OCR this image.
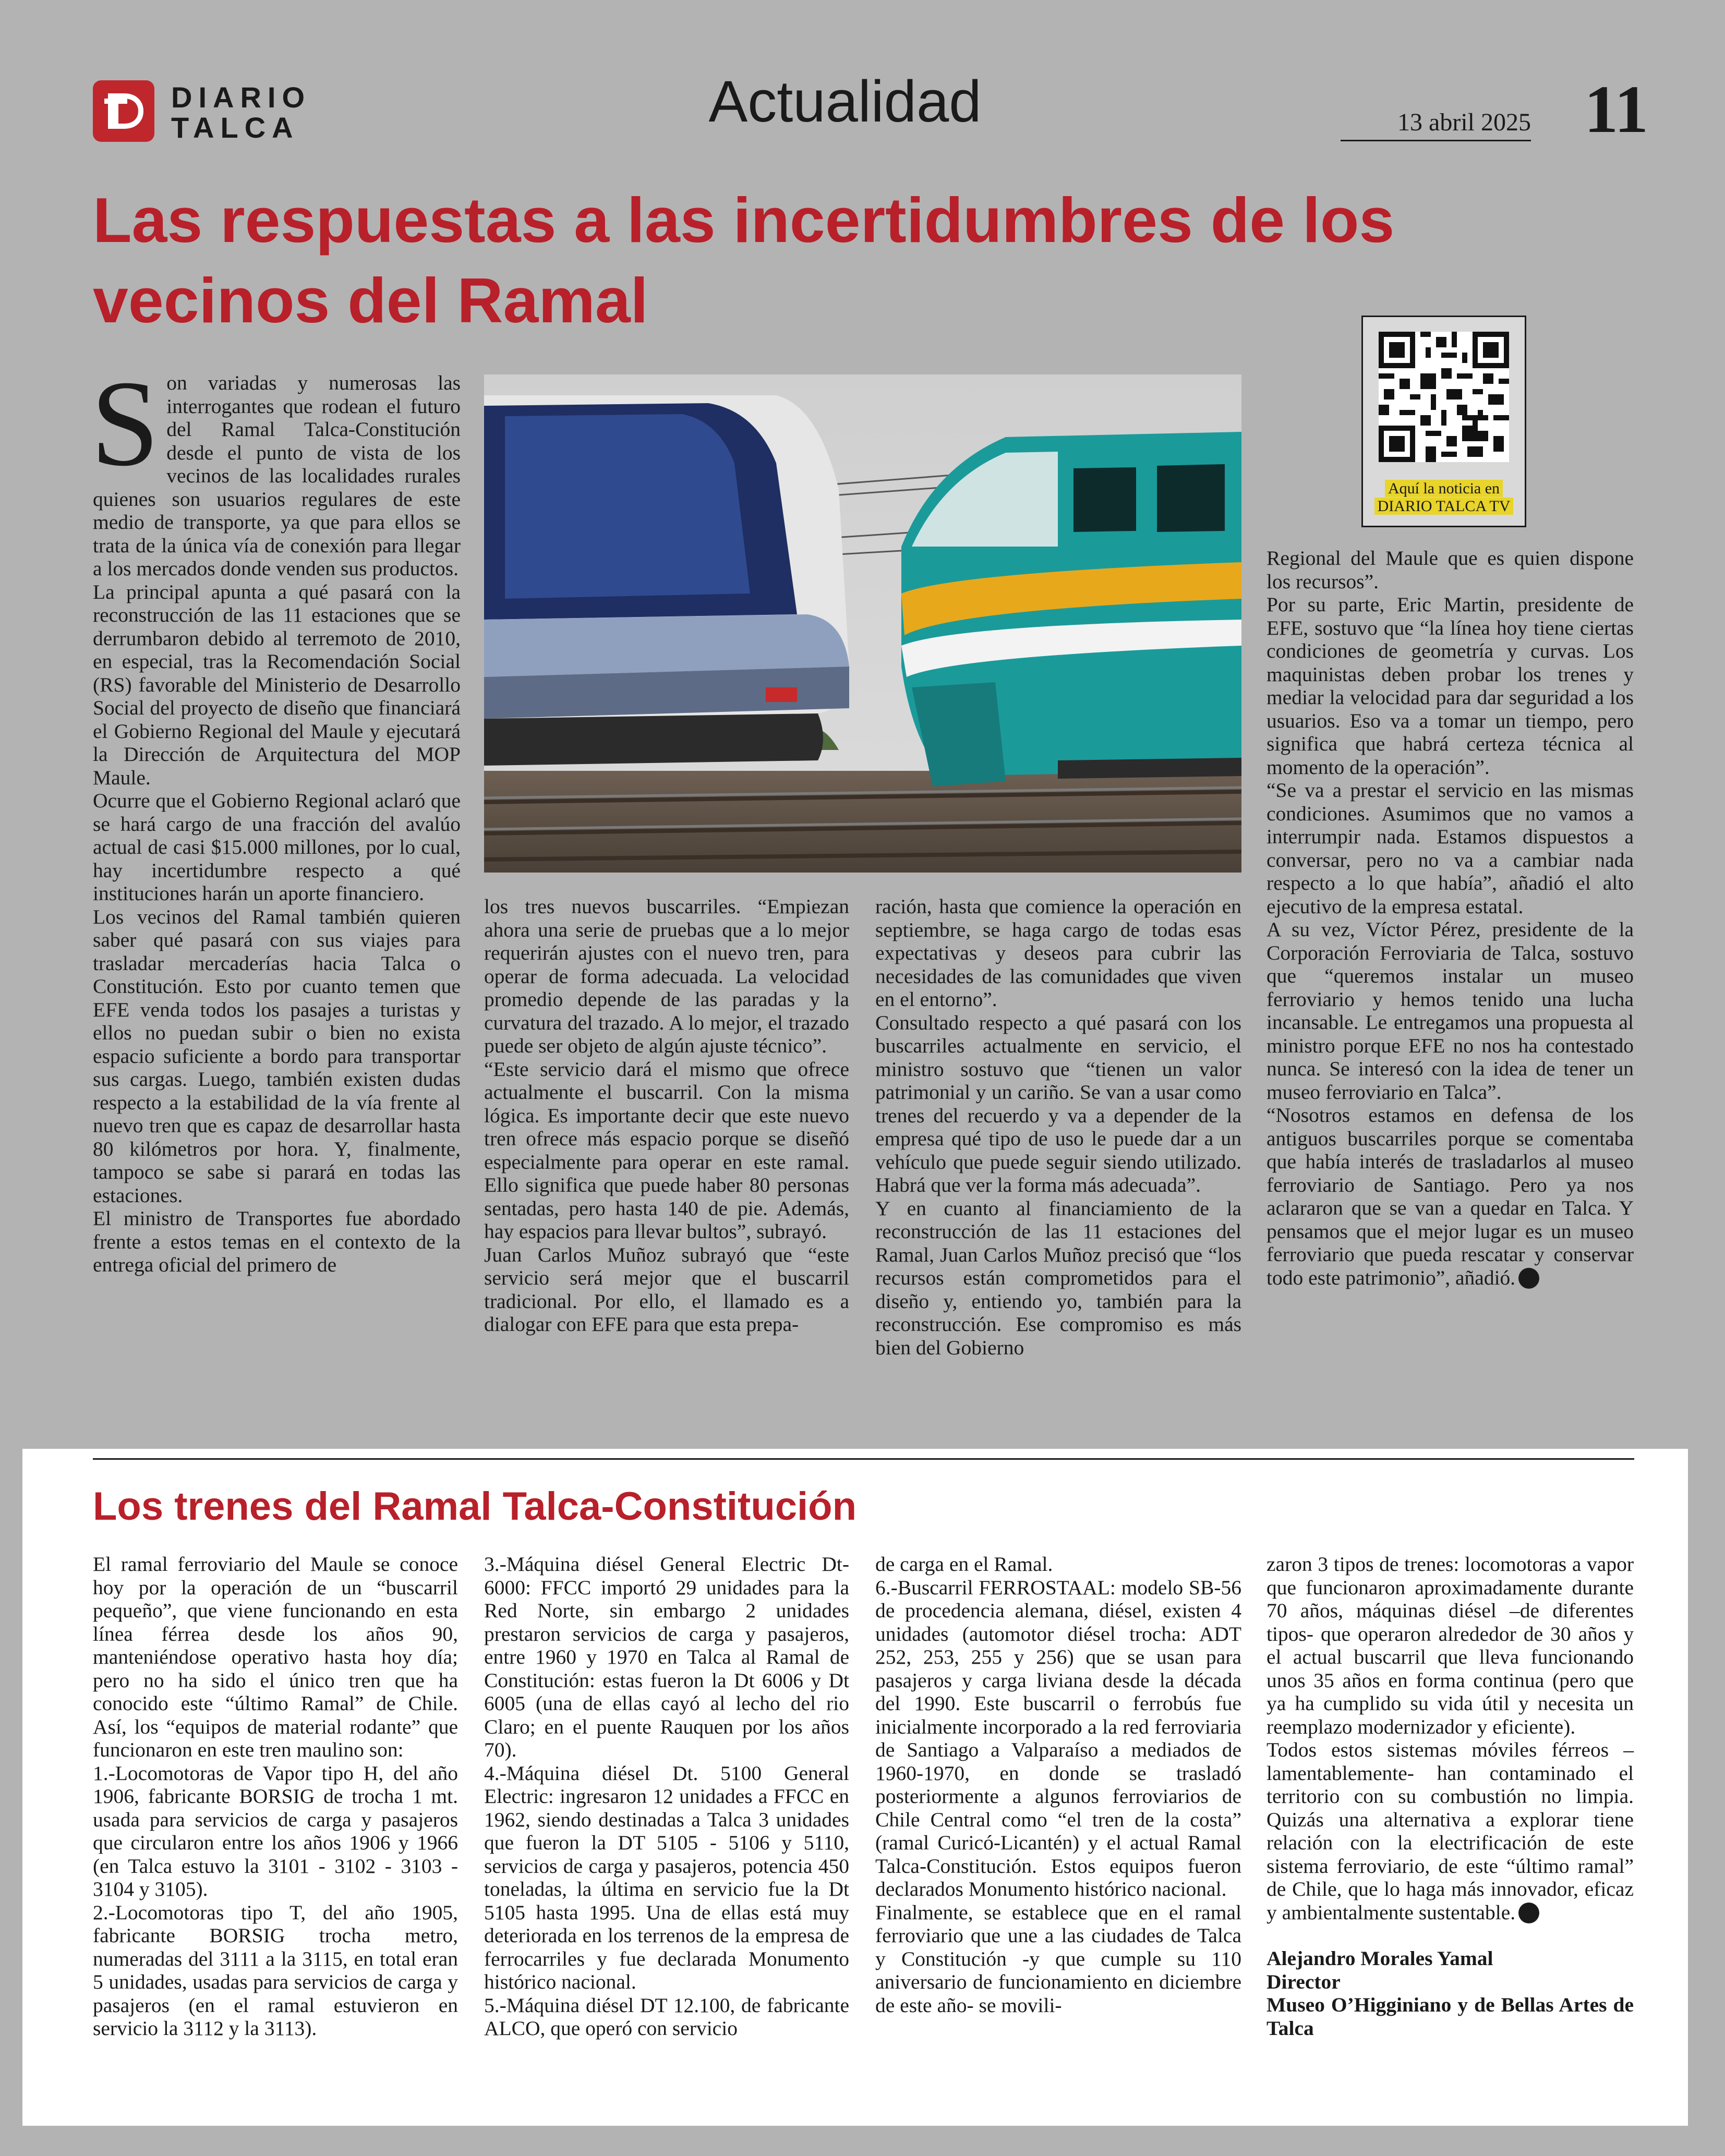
DIARIO
TALCA	Actualidad	13 abril 2025 11
Las respuestas a las incertidumbres de los vecinos del Ramal
Aquí la noticia en
DIARIO TALCA TV
S on variadas y numerosas las interrogantes que rodean el futuro del Ramal Talca-Constitución desde el punto de vista de los vecinos de las localidades rurales quienes son usuarios regulares de este medio de transporte, ya que para ellos se trata de la única vía de conexión para llegar a los mercados donde venden sus productos.

La principal apunta a qué pasará con la reconstrucción de las 11 estaciones que se derrumbaron debido al terremoto de 2010, en especial, tras la Recomendación Social (RS) favorable del Ministerio de Desarrollo Social del proyecto de diseño que financiará el Gobierno Regional del Maule y ejecutará la Dirección de Arquitectura del MOP Maule.

Ocurre que el Gobierno Regional aclaró que se hará cargo de una fracción del avalúo actual de casi $15.000 millones, por lo cual, hay incertidumbre respecto a qué instituciones harán un aporte financiero.

Los vecinos del Ramal también quieren saber qué pasará con sus viajes para trasladar mercaderías hacia Talca o Constitución. Esto por cuanto temen que EFE venda todos los pasajes a turistas y ellos no puedan subir o bien no exista espacio suficiente a bordo para transportar sus cargas. Luego, también existen dudas respecto a la estabilidad de la vía frente al nuevo tren que es capaz de desarrollar hasta 80 kilómetros por hora. Y, finalmente, tampoco se sabe si parará en todas las estaciones.

El ministro de Transportes fue abordado frente a estos temas en el contexto de la entrega oficial del primero de

los tres nuevos buscarriles. “Empiezan ahora una serie de pruebas que a lo mejor requerirán ajustes con el nuevo tren, para operar de forma adecuada. La velocidad promedio depende de las paradas y la curvatura del trazado. A lo mejor, el trazado puede ser objeto de algún ajuste técnico”.

“Este servicio dará el mismo que ofrece actualmente el buscarril. Con la misma lógica. Es importante decir que este nuevo tren ofrece más espacio porque se diseñó especialmente para operar en este ramal. Ello significa que puede haber 80 personas sentadas, pero hasta 140 de pie. Además, hay espacios para llevar bultos”, subrayó.

Juan Carlos Muñoz subrayó que “este servicio será mejor que el buscarril tradicional. Por ello, el llamado es a dialogar con EFE para que esta prepa-

ración, hasta que comience la operación en septiembre, se haga cargo de todas esas expectativas y deseos para cubrir las necesidades de las comunidades que viven en el entorno”.

Consultado respecto a qué pasará con los buscarriles actualmente en servicio, el ministro sostuvo que “tienen un valor patrimonial y un cariño. Se van a usar como trenes del recuerdo y va a depender de la empresa qué tipo de uso le puede dar a un vehículo que puede seguir siendo utilizado. Habrá que ver la forma más adecuada”.

Y en cuanto al financiamiento de la reconstrucción de las 11 estaciones del Ramal, Juan Carlos Muñoz precisó que “los recursos están comprometidos para el diseño y, entiendo yo, también para la reconstrucción. Ese compromiso es más bien del Gobierno

Regional del Maule que es quien dispone los recursos”.

Por su parte, Eric Martin, presidente de EFE, sostuvo que “la línea hoy tiene ciertas condiciones de geometría y curvas. Los maquinistas deben probar los trenes y mediar la velocidad para dar seguridad a los usuarios. Eso va a tomar un tiempo, pero significa que habrá certeza técnica al momento de la operación”.

“Se va a prestar el servicio en las mismas condiciones. Asumimos que no vamos a interrumpir nada. Estamos dispuestos a conversar, pero no va a cambiar nada respecto a lo que había”, añadió el alto ejecutivo de la empresa estatal.

A su vez, Víctor Pérez, presidente de la Corporación Ferroviaria de Talca, sostuvo que “queremos instalar un museo ferroviario y hemos tenido una lucha incansable. Le entregamos una propuesta al ministro porque EFE no nos ha contestado nunca. Se interesó con la idea de tener un museo ferroviario en Talca”.

“Nosotros estamos en defensa de los antiguos buscarriles porque se comentaba que había interés de trasladarlos al museo ferroviario de Santiago. Pero ya nos aclararon que se van a quedar en Talca. Y pensamos que el mejor lugar es un museo ferroviario que pueda rescatar y conservar todo este patrimonio”, añadió.

Los trenes del Ramal Talca-Constitución

El ramal ferroviario del Maule se conoce hoy por la operación de un “buscarril pequeño”, que viene funcionando en esta línea férrea desde los años 90, manteniéndose operativo hasta hoy día; pero no ha sido el único tren que ha conocido este “último Ramal” de Chile. Así, los “equipos de material rodante” que funcionaron en este tren maulino son:

1.-Locomotoras de Vapor tipo H, del año 1906, fabricante BORSIG de trocha 1 mt. usada para servicios de carga y pasajeros que circularon entre los años 1906 y 1966 (en Talca estuvo la 3101 - 3102 - 3103 - 3104 y 3105).

2.-Locomotoras tipo T, del año 1905, fabricante BORSIG trocha metro, numeradas del 3111 a la 3115, en total eran 5 unidades, usadas para servicios de carga y pasajeros (en el ramal estuvieron en servicio la 3112 y la 3113).

3.-Máquina diésel General Electric Dt- 6000: FFCC importó 29 unidades para la Red Norte, sin embargo 2 unidades prestaron servicios de carga y pasajeros, entre 1960 y 1970 en Talca al Ramal de Constitución: estas fueron la Dt 6006 y Dt 6005 (una de ellas cayó al lecho del rio Claro; en el puente Rauquen por los años 70).

4.-Máquina diésel Dt. 5100 General Electric: ingresaron 12 unidades a FFCC en 1962, siendo destinadas a Talca 3 unidades que fueron la DT 5105 - 5106 y 5110, servicios de carga y pasajeros, potencia 450 toneladas, la última en servicio fue la Dt 5105 hasta 1995. Una de ellas está muy deteriorada en los terrenos de la empresa de ferrocarriles y fue declarada Monumento histórico nacional.

5.-Máquina diésel DT 12.100, de fabricante ALCO, que operó con servicio

de carga en el Ramal.

6.-Buscarril FERROSTAAL: modelo SB-56 de procedencia alemana, diésel, existen 4 unidades (automotor diésel trocha: ADT 252, 253, 255 y 256) que se usan para pasajeros y carga liviana desde la década del 1990. Este buscarril o ferrobús fue inicialmente incorporado a la red ferroviaria de Santiago a Valparaíso a mediados de 1960-1970, en donde se trasladó posteriormente a algunos ferroviarios de Chile Central como “el tren de la costa” (ramal Curicó-Licantén) y el actual Ramal Talca-Constitución. Estos equipos fueron declarados Monumento histórico nacional.

Finalmente, se establece que en el ramal ferroviario que une a las ciudades de Talca y Constitución -y que cumple su 110 aniversario de funcionamiento en diciembre de este año- se movili-

zaron 3 tipos de trenes: locomotoras a vapor que funcionaron aproximadamente durante 70 años, máquinas diésel –de diferentes tipos- que operaron alrededor de 30 años y el actual buscarril que lleva funcionando unos 35 años en forma continua (pero que ya ha cumplido su vida útil y necesita un reemplazo modernizador y eficiente).

Todos estos sistemas móviles férreos –lamentablemente- han contaminado el territorio con su combustión no limpia. Quizás una alternativa a explorar tiene relación con la electrificación de este sistema ferroviario, de este “último ramal” de Chile, que lo haga más innovador, eficaz y ambientalmente sustentable.

Alejandro Morales Yamal

Director

Museo O’Higginiano y de Bellas Artes de Talca
